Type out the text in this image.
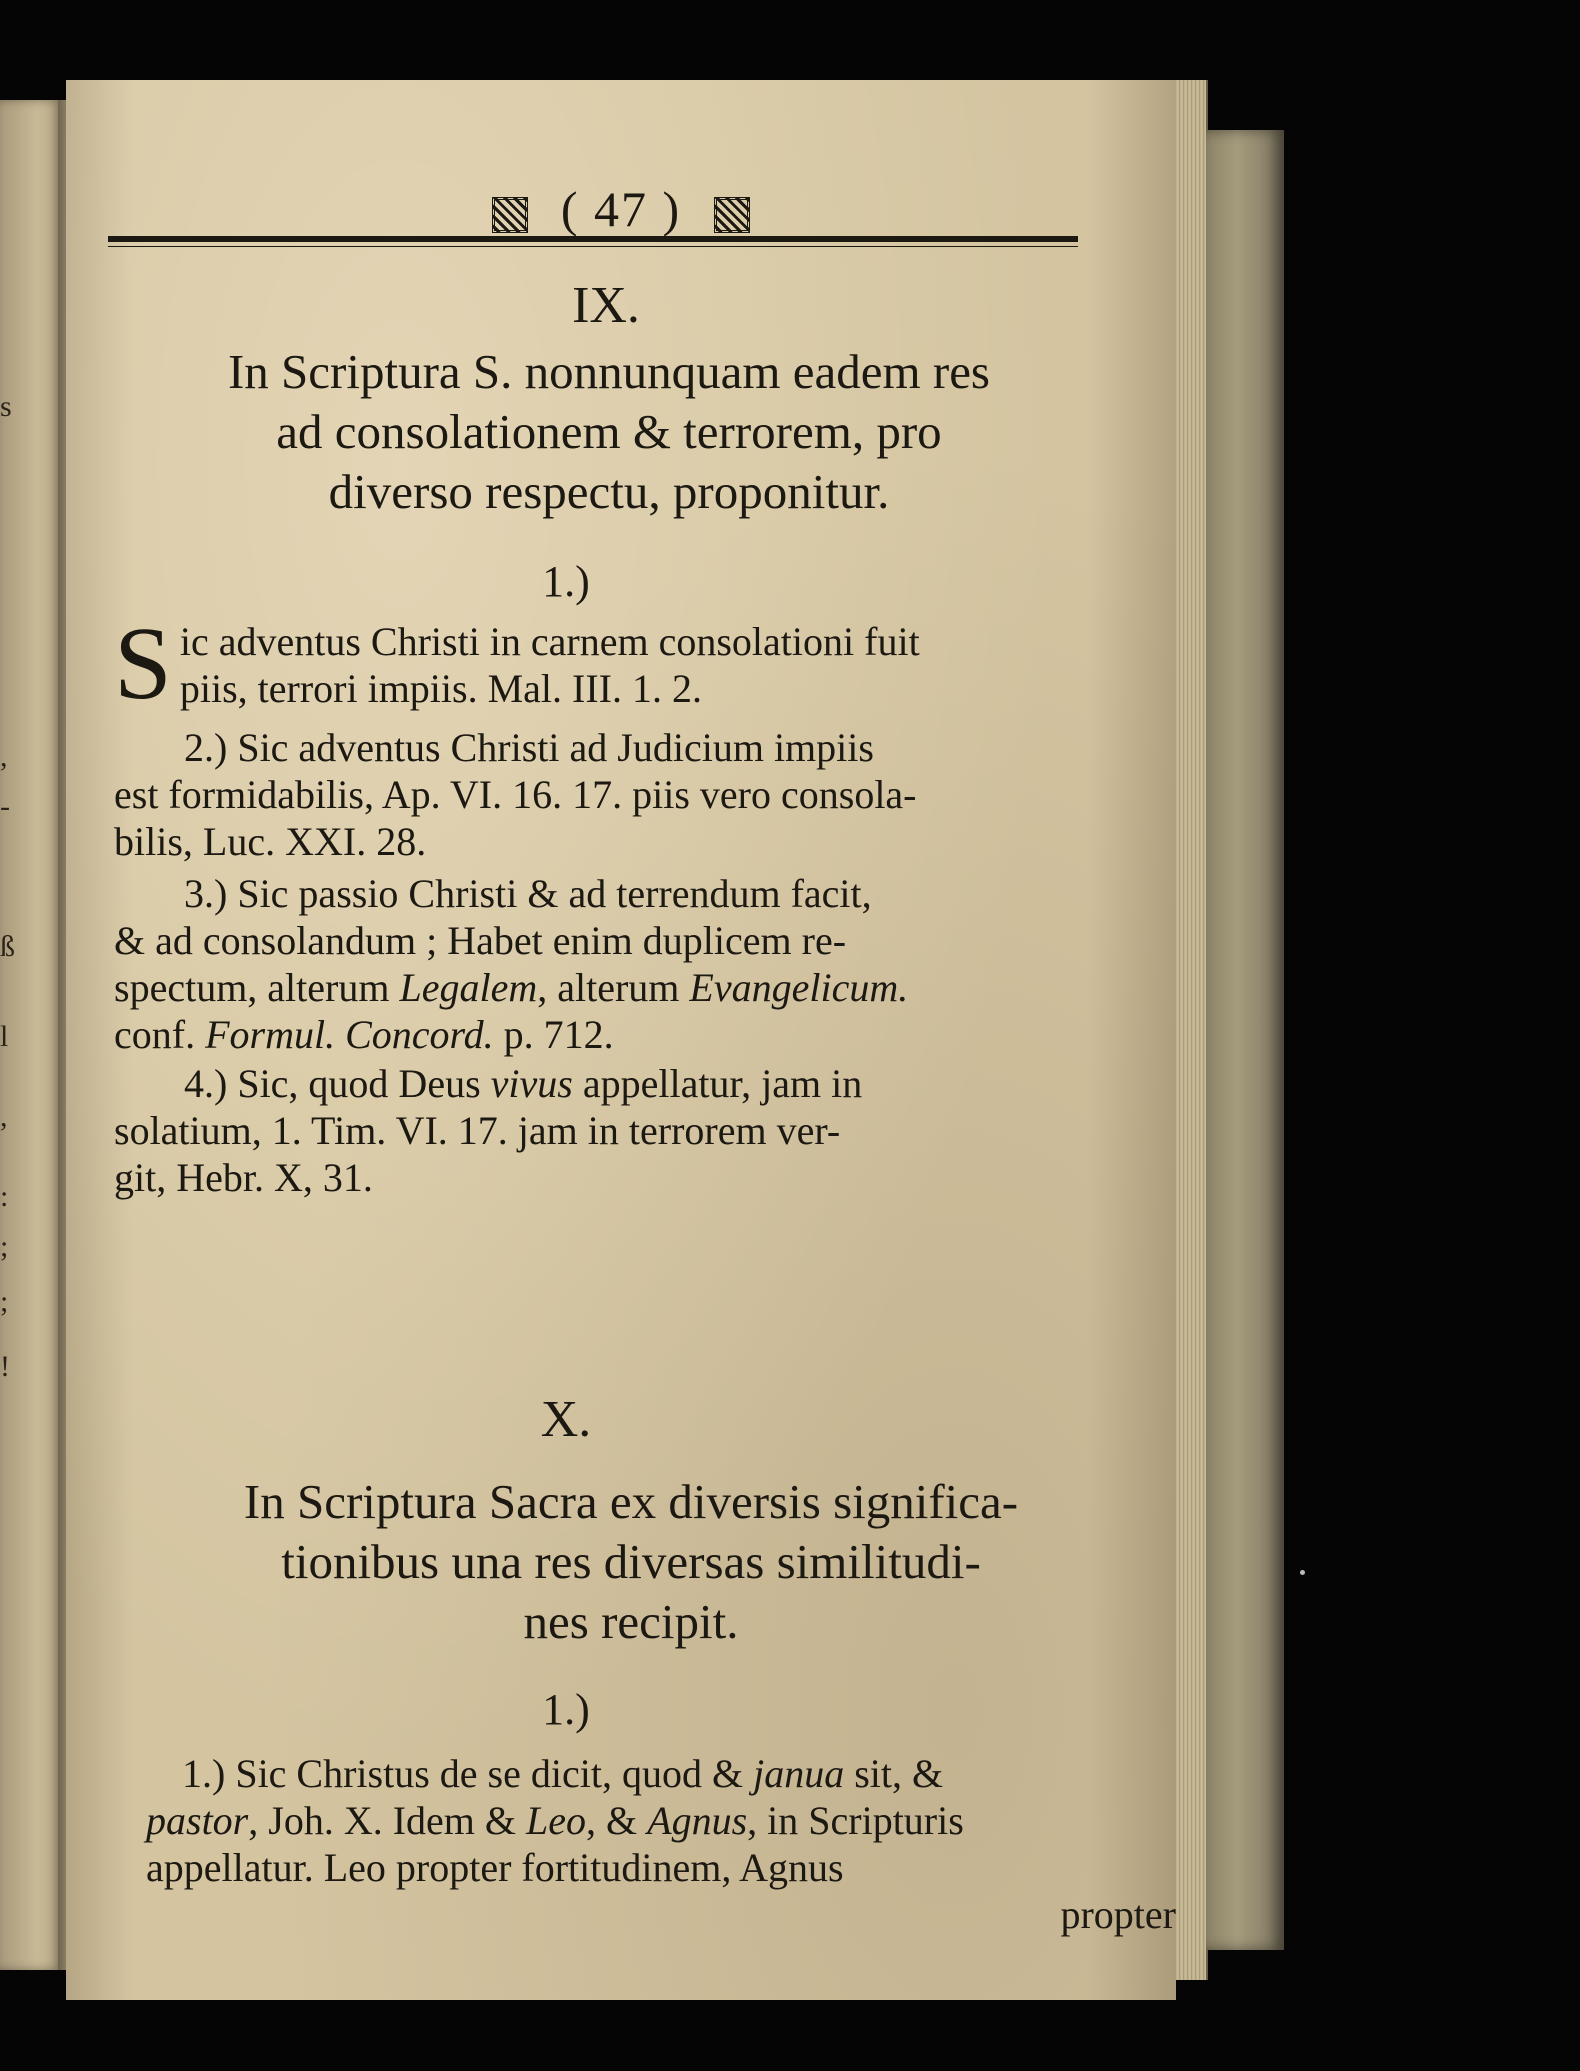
s
,
-
ß
l
,
:
;
;
!
( 47 )
IX.
In Scriptura S. nonnunquam eadem res
ad consolationem & terrorem, pro
diverso respectu, proponitur.
1.)
S ic adventus Christi in carnem consolationi fuit
piis, terrori impiis. Mal. III. 1. 2.
2.) Sic adventus Christi ad Judicium impiis
est formidabilis, Ap. VI. 16. 17. piis vero consola-
bilis, Luc. XXI. 28.
3.) Sic passio Christi & ad terrendum facit,
& ad consolandum ; Habet enim duplicem re-
spectum, alterum Legalem, alterum Evangelicum.
conf. Formul. Concord. p. 712.
4.) Sic, quod Deus vivus appellatur, jam in
solatium, 1. Tim. VI. 17. jam in terrorem ver-
git, Hebr. X, 31.
X.
In Scriptura Sacra ex diversis significa-
tionibus una res diversas similitudi-
nes recipit.
1.)
1.) Sic Christus de se dicit, quod & janua sit, &
pastor, Joh. X. Idem & Leo, & Agnus, in Scripturis
appellatur. Leo propter fortitudinem, Agnus
propter
